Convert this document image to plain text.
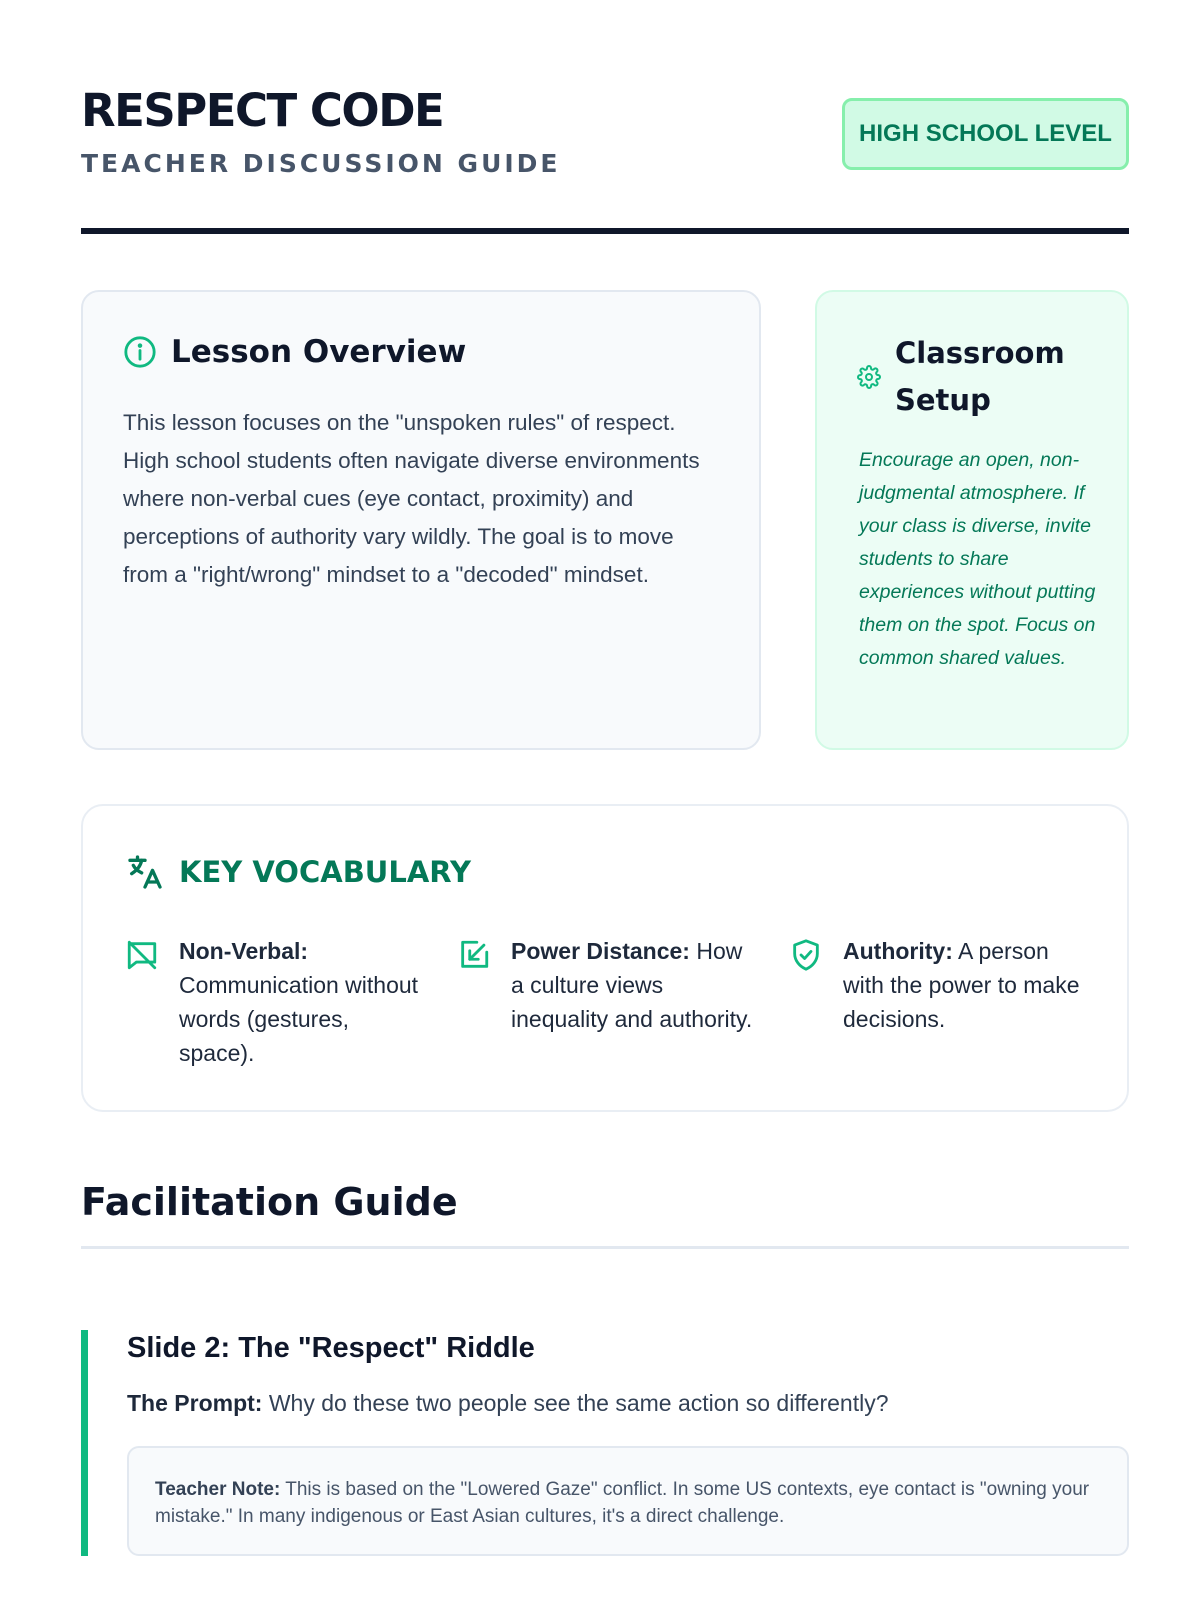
RESPECT CODE
TEACHER DISCUSSION GUIDE
HIGH SCHOOL LEVEL
Lesson Overview

This lesson focuses on the "unspoken rules" of respect. High school students often navigate diverse environments where non-verbal cues (eye contact, proximity) and perceptions of authority vary wildly. The goal is to move from a "right/wrong" mindset to a "decoded" mindset.

Classroom Setup

Encourage an open, non-judgmental atmosphere. If your class is diverse, invite students to share experiences without putting them on the spot. Focus on common shared values.

KEY VOCABULARY
Non-Verbal: Communication without words (gestures, space).
Power Distance: How a culture views inequality and authority.
Authority: A person with the power to make decisions.
Facilitation Guide
Slide 2: The "Respect" Riddle
The Prompt: Why do these two people see the same action so differently?
Teacher Note: This is based on the "Lowered Gaze" conflict. In some US contexts, eye contact is "owning your mistake." In many indigenous or East Asian cultures, it's a direct challenge.
